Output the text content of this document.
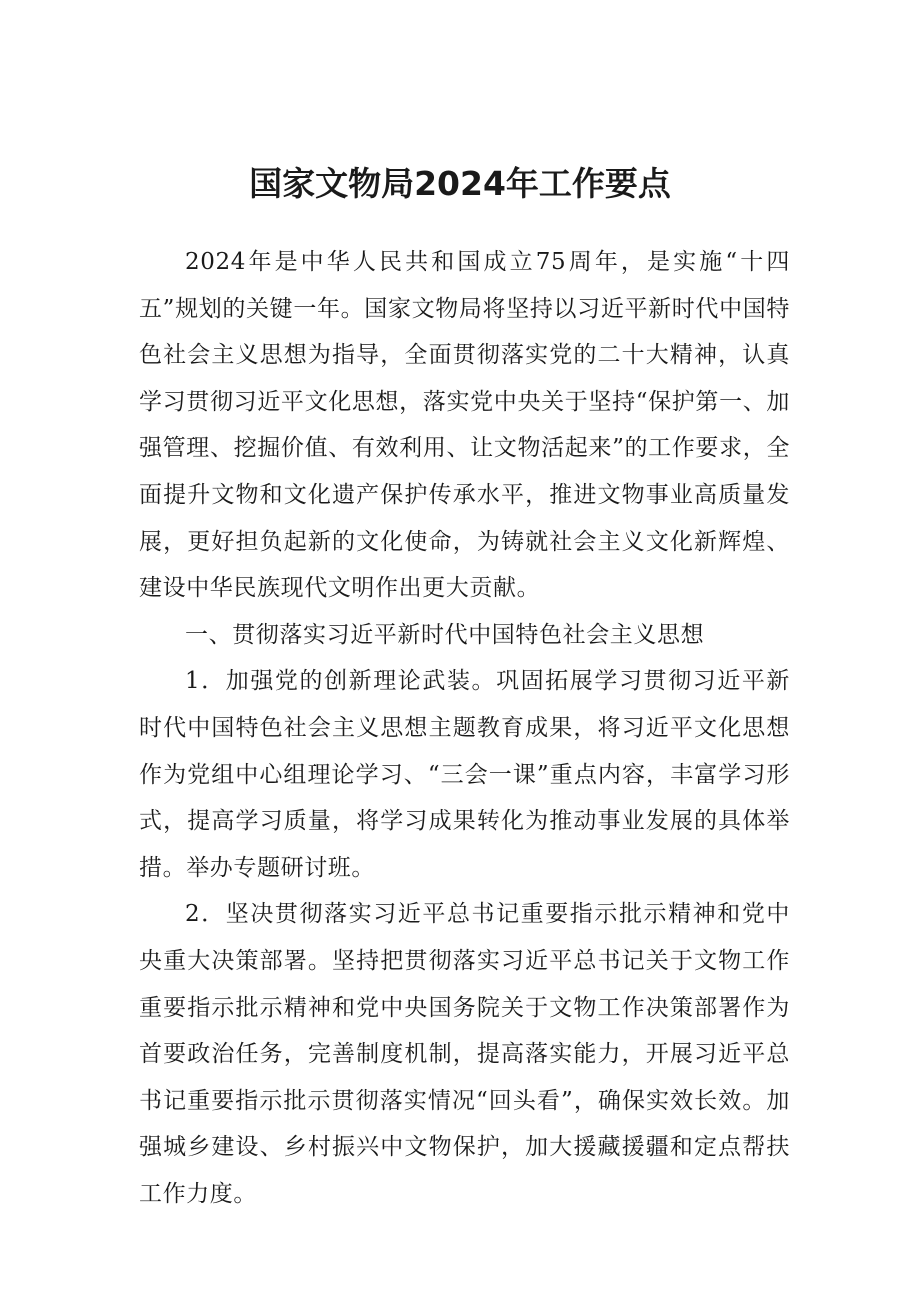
国家文物局2024年工作要点

2024年是中华人民共和国成立75周年，是实施“十四五”规划的关键一年。国家文物局将坚持以习近平新时代中国特色社会主义思想为指导，全面贯彻落实党的二十大精神，认真学习贯彻习近平文化思想，落实党中央关于坚持“保护第一、加强管理、挖掘价值、有效利用、让文物活起来”的工作要求，全面提升文物和文化遗产保护传承水平，推进文物事业高质量发展，更好担负起新的文化使命，为铸就社会主义文化新辉煌、建设中华民族现代文明作出更大贡献。

一、贯彻落实习近平新时代中国特色社会主义思想

1．加强党的创新理论武装。巩固拓展学习贯彻习近平新时代中国特色社会主义思想主题教育成果，将习近平文化思想作为党组中心组理论学习、“三会一课”重点内容，丰富学习形式，提高学习质量，将学习成果转化为推动事业发展的具体举措。举办专题研讨班。

2．坚决贯彻落实习近平总书记重要指示批示精神和党中央重大决策部署。坚持把贯彻落实习近平总书记关于文物工作重要指示批示精神和党中央国务院关于文物工作决策部署作为首要政治任务，完善制度机制，提高落实能力，开展习近平总书记重要指示批示贯彻落实情况“回头看”，确保实效长效。加强城乡建设、乡村振兴中文物保护，加大援藏援疆和定点帮扶工作力度。
